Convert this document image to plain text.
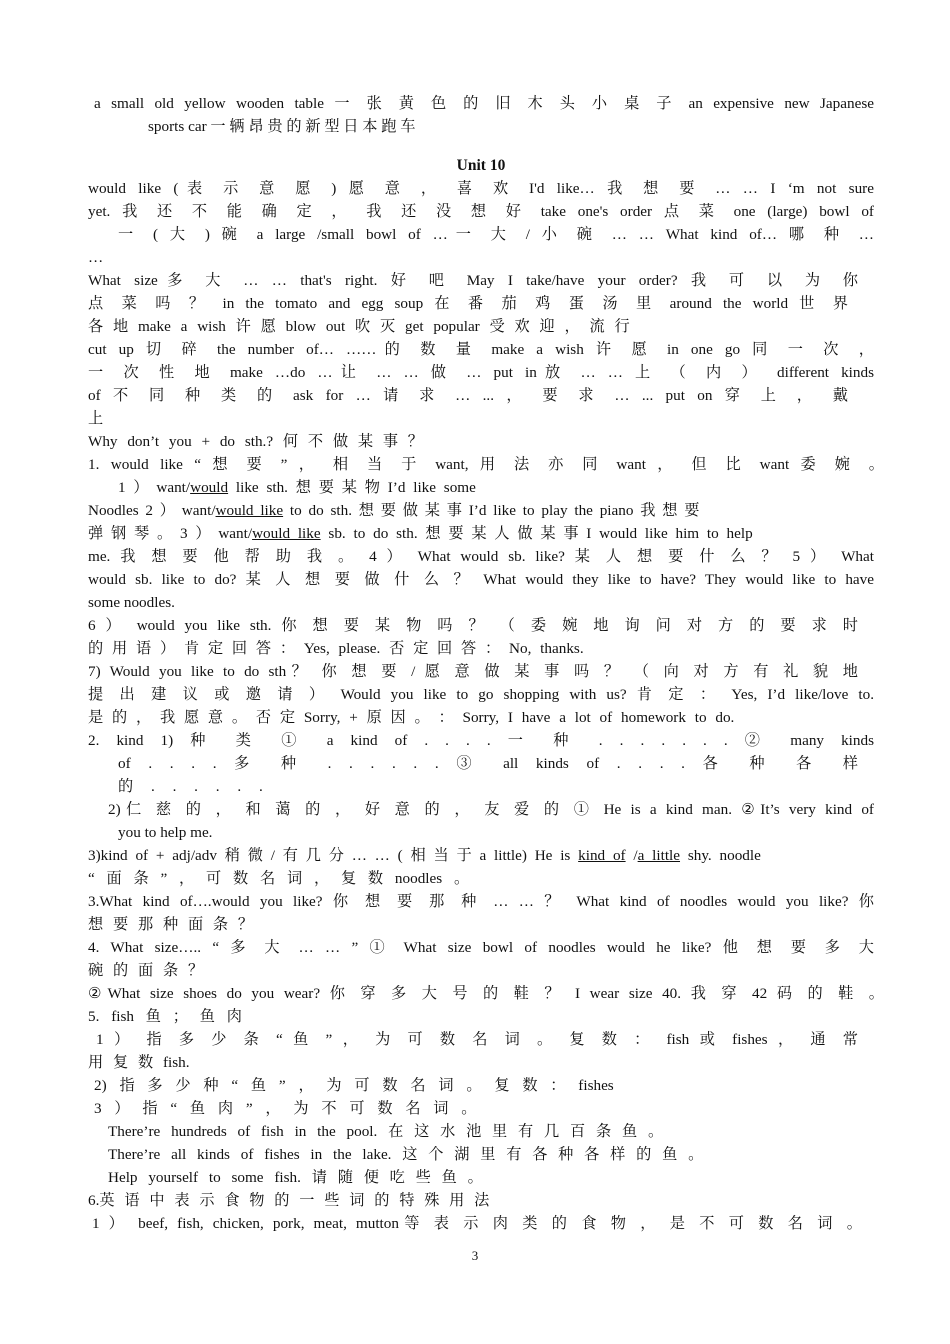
a small old yellow wooden table 一 张 黄 色 的 旧 木 头 小 桌 子 an expensive new Japanese
sports car 一 辆 昂 贵 的 新 型 日 本 跑 车
Unit 10
would like (表 示 意 愿 ) 愿 意 ， 喜 欢 I'd like… 我 想 要 … … I ‘m not sure
yet. 我 还 不 能 确 定 ， 我 还 没 想 好 take one's order 点 菜 one (large) bowl of
一 ( 大 ) 碗 a large /small bowl of …一 大 / 小 碗 … … What kind of… 哪 种 …
…
What size多 大 … … that's right. 好 吧 May I take/have your order? 我 可 以 为 你
点 菜 吗 ？ in the tomato and egg soup 在 番 茄 鸡 蛋 汤 里 around the world 世 界
各 地 make a wish 许 愿 blow out 吹 灭 get popular 受 欢 迎 ， 流 行
cut up 切 碎 the number of… ……的 数 量 make a wish 许 愿 in one go 同 一 次 ，
一 次 性 地 make …do …让 … … 做 … put in放 … … 上 （ 内 ） different kinds
of 不 同 种 类 的 ask for … 请 求 … ... ， 要 求 … ... put on 穿 上 ， 戴
上
Why don’t you + do sth.? 何 不 做 某 事 ？
1. would like “ 想 要 ” ， 相 当 于 want, 用 法 亦 同 want ， 但 比 want 委 婉 。
1 ） want/would like sth. 想 要 某 物 I’d like some
Noodles 2 ） want/would like to do sth. 想 要 做 某 事 I’d like to play the piano 我 想 要
弹 钢 琴 。 3 ） want/would like sb. to do sth. 想 要 某 人 做 某 事 I would like him to help
me. 我 想 要 他 帮 助 我 。 4 ） What would sb. like? 某 人 想 要 什 么 ？ 5 ） What
would sb. like to do? 某 人 想 要 做 什 么 ？ What would they like to have? They would like to have
some noodles.
6 ） would you like sth. 你 想 要 某 物 吗 ？ （ 委 婉 地 询 问 对 方 的 要 求 时
的 用 语 ） 肯 定 回 答 ： Yes, please. 否 定 回 答 ： No, thanks.
7) Would you like to do sth？ 你 想 要 / 愿 意 做 某 事 吗 ？ （ 向 对 方 有 礼 貌 地
提 出 建 议 或 邀 请 ） Would you like to go shopping with us? 肯 定 ： Yes, I’d like/love to.
是 的 ， 我 愿 意 。 否 定 Sorry, + 原 因 。 ： Sorry, I have a lot of homework to do.
2. kind 1) 种 类 ① a kind of . . . . 一 种 . . . . . . . ② many kinds
of . . . . 多 种 . . . . . . ③ all kinds of . . . . 各 种 各 样
的 . . . . . .
2)仁 慈 的 ， 和 蔼 的 ， 好 意 的 ， 友 爱 的 ① He is a kind man. ②It’s very kind of
you to help me.
3)kind of + adj/adv 稍 微 / 有 几 分 … … ( 相 当 于 a little) He is kind of /a little shy. noodle
“ 面 条 ” ， 可 数 名 词 ， 复 数 noodles 。
3.What kind of….would you like? 你 想 要 那 种 … … ？ What kind of noodles would you like? 你
想 要 那 种 面 条 ？
4. What size….. “ 多 大 … … ” ① What size bowl of noodles would he like? 他 想 要 多 大
碗 的 面 条 ？
②What size shoes do you wear? 你 穿 多 大 号 的 鞋 ？ I wear size 40. 我 穿 42 码 的 鞋 。
5. fish 鱼 ； 鱼 肉
1 ） 指 多 少 条 “ 鱼 ” ， 为 可 数 名 词 。 复 数 ： fish 或 fishes ， 通 常
用 复 数 fish.
2) 指 多 少 种 “ 鱼 ” ， 为 可 数 名 词 。 复 数 ： fishes
3 ） 指 “ 鱼 肉 ” ， 为 不 可 数 名 词 。
There’re hundreds of fish in the pool. 在 这 水 池 里 有 几 百 条 鱼 。
There’re all kinds of fishes in the lake. 这 个 湖 里 有 各 种 各 样 的 鱼 。
Help yourself to some fish. 请 随 便 吃 些 鱼 。
6.英 语 中 表 示 食 物 的 一 些 词 的 特 殊 用 法
1 ） beef, fish, chicken, pork, meat, mutton等 表 示 肉 类 的 食 物 ， 是 不 可 数 名 词 。
3
